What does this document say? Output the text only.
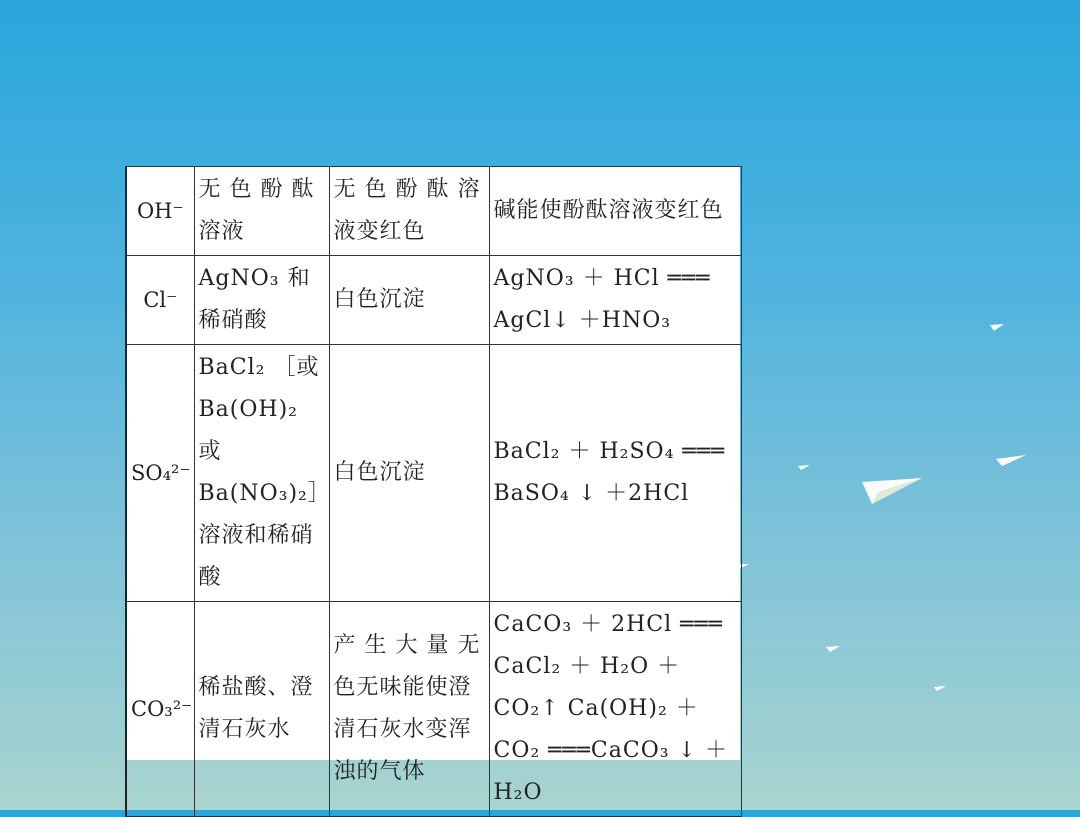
OH⁻	无 色 酚 酞 溶液	无 色 酚 酞 溶液变红色	碱能使酚酞溶液变红色
Cl⁻	AgNO₃ 和稀硝酸	白色沉淀	AgNO₃ ＋ HCl ═══ AgCl↓ ＋HNO₃
SO₄²⁻	BaCl₂ ［或Ba(OH)₂ 或Ba(NO₃)₂］溶液和稀硝酸	白色沉淀	BaCl₂ ＋ H₂SO₄ ═══ BaSO₄ ↓ ＋2HCl
CO₃²⁻	稀盐酸、澄清石灰水	产 生 大 量 无色无味能使澄清石灰水变浑浊的气体	CaCO₃ ＋ 2HCl ═══ CaCl₂ ＋ H₂O ＋ CO₂↑ Ca(OH)₂ ＋ CO₂ ═══CaCO₃ ↓ ＋H₂O
